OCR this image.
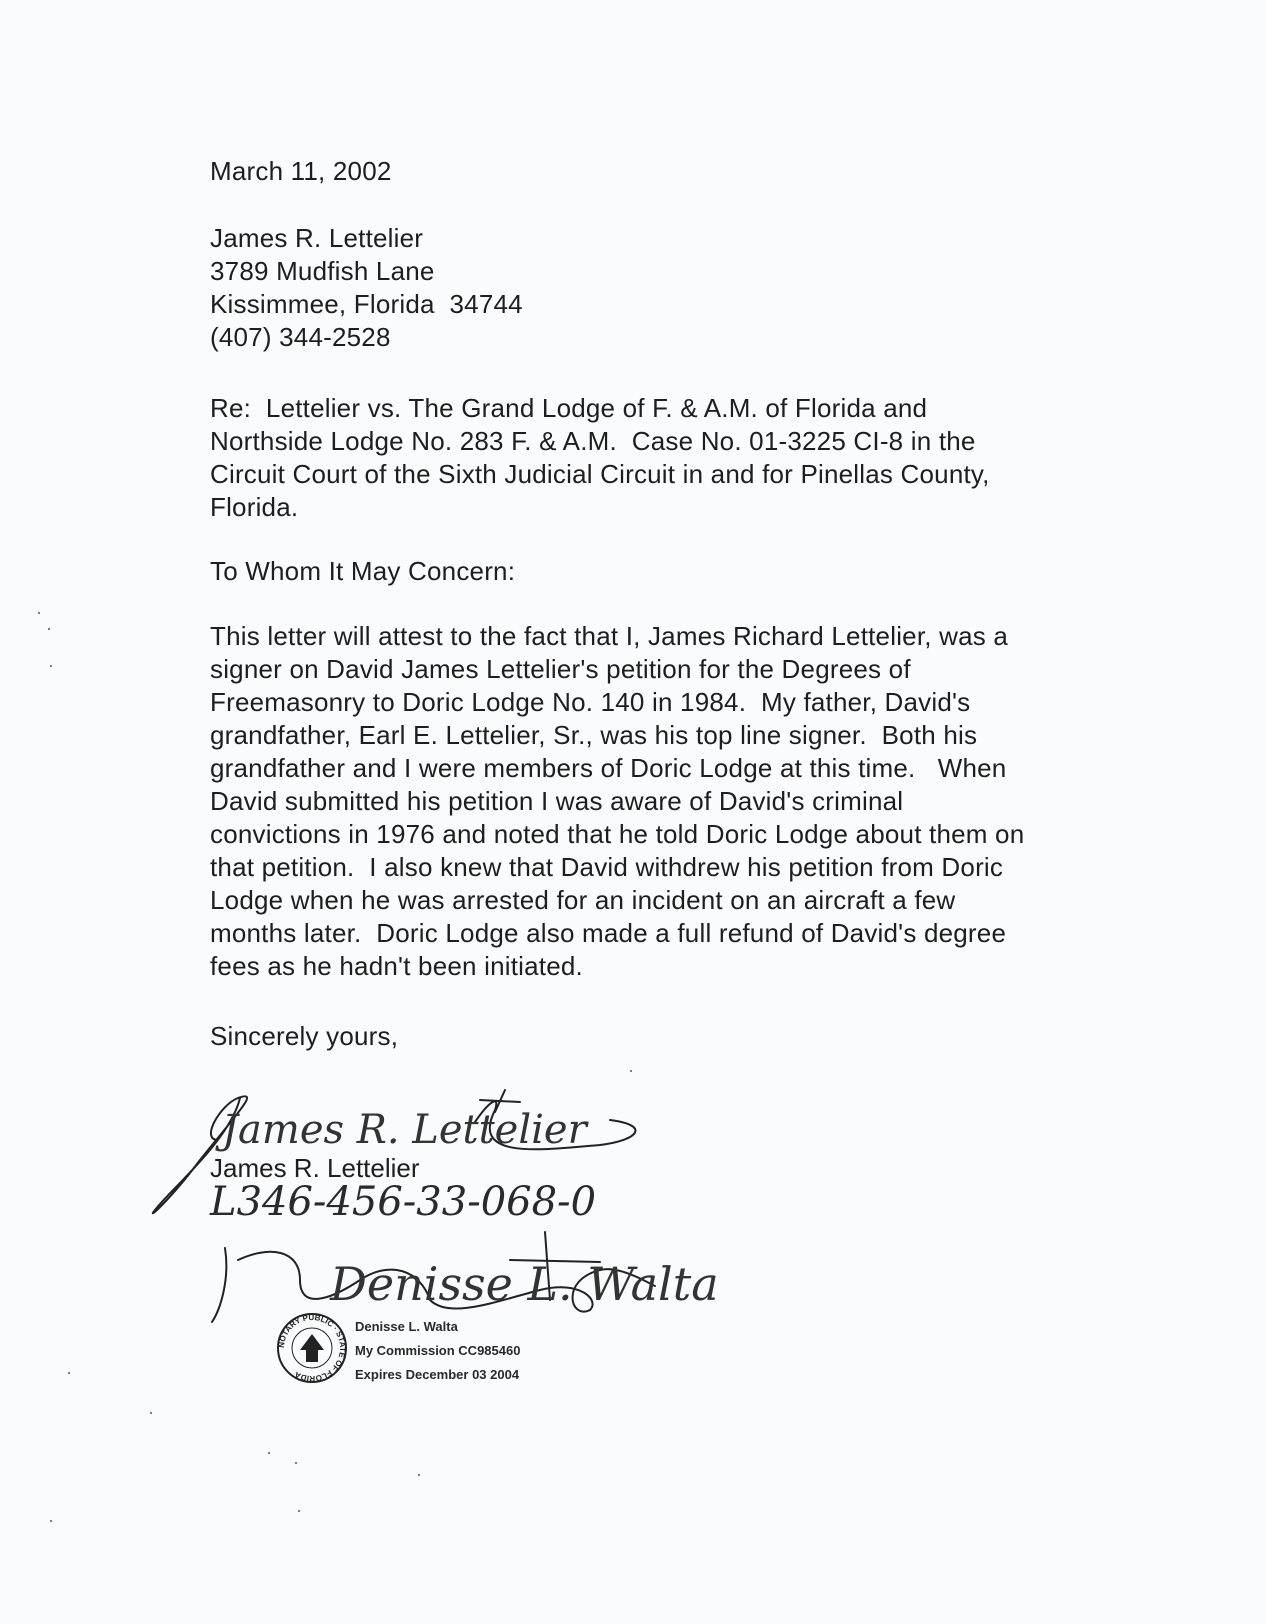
March 11, 2002
James R. Lettelier
3789 Mudfish Lane
Kissimmee, Florida  34744
(407) 344-2528
Re:  Lettelier vs. The Grand Lodge of F. & A.M. of Florida and
Northside Lodge No. 283 F. & A.M.  Case No. 01-3225 CI-8 in the
Circuit Court of the Sixth Judicial Circuit in and for Pinellas County,
Florida.
To Whom It May Concern:
This letter will attest to the fact that I, James Richard Lettelier, was a
signer on David James Lettelier's petition for the Degrees of
Freemasonry to Doric Lodge No. 140 in 1984.  My father, David's
grandfather, Earl E. Lettelier, Sr., was his top line signer.  Both his
grandfather and I were members of Doric Lodge at this time.   When
David submitted his petition I was aware of David's criminal
convictions in 1976 and noted that he told Doric Lodge about them on
that petition.  I also knew that David withdrew his petition from Doric
Lodge when he was arrested for an incident on an aircraft a few
months later.  Doric Lodge also made a full refund of David's degree
fees as he hadn't been initiated.
Sincerely yours,
James R. Lettelier
L346-456-33-068-0
Denisse L. Walta
NOTARY PUBLIC · STATE OF FLORIDA
James R. Lettelier
Denisse L. Walta
My Commission CC985460
Expires December 03 2004
